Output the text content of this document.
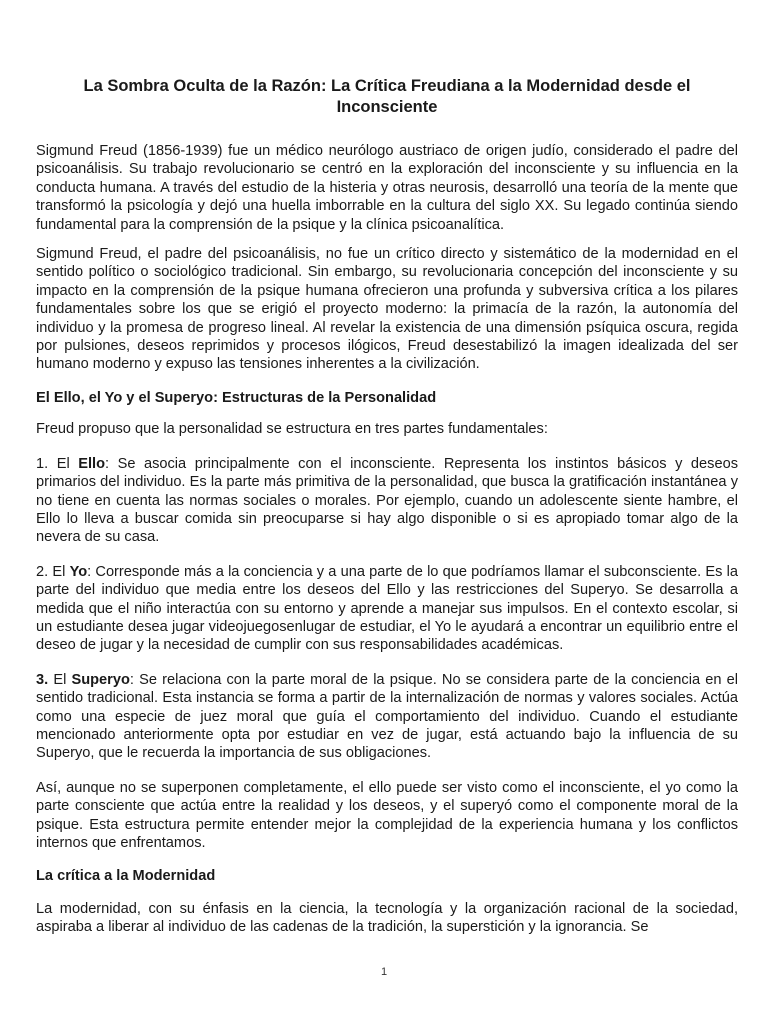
La Sombra Oculta de la Razón: La Crítica Freudiana a la Modernidad desde el Inconsciente

Sigmund Freud (1856-1939) fue un médico neurólogo austriaco de origen judío, considerado el padre del psicoanálisis. Su trabajo revolucionario se centró en la exploración del inconsciente y su influencia en la conducta humana. A través del estudio de la histeria y otras neurosis, desarrolló una teoría de la mente que transformó la psicología y dejó una huella imborrable en la cultura del siglo XX. Su legado continúa siendo fundamental para la comprensión de la psique y la clínica psicoanalítica.

Sigmund Freud, el padre del psicoanálisis, no fue un crítico directo y sistemático de la modernidad en el sentido político o sociológico tradicional. Sin embargo, su revolucionaria concepción del inconsciente y su impacto en la comprensión de la psique humana ofrecieron una profunda y subversiva crítica a los pilares fundamentales sobre los que se erigió el proyecto moderno: la primacía de la razón, la autonomía del individuo y la promesa de progreso lineal. Al revelar la existencia de una dimensión psíquica oscura, regida por pulsiones, deseos reprimidos y procesos ilógicos, Freud desestabilizó la imagen idealizada del ser humano moderno y expuso las tensiones inherentes a la civilización.

El Ello, el Yo y el Superyo: Estructuras de la Personalidad

Freud propuso que la personalidad se estructura en tres partes fundamentales:

1. El Ello: Se asocia principalmente con el inconsciente. Representa los instintos básicos y deseos primarios del individuo. Es la parte más primitiva de la personalidad, que busca la gratificación instantánea y no tiene en cuenta las normas sociales o morales. Por ejemplo, cuando un adolescente siente hambre, el Ello lo lleva a buscar comida sin preocuparse si hay algo disponible o si es apropiado tomar algo de la nevera de su casa.

2. El Yo: Corresponde más a la conciencia y a una parte de lo que podríamos llamar el subconsciente. Es la parte del individuo que media entre los deseos del Ello y las restricciones del Superyo. Se desarrolla a medida que el niño interactúa con su entorno y aprende a manejar sus impulsos. En el contexto escolar, si un estudiante desea jugar videojuegosenlugar de estudiar, el Yo le ayudará a encontrar un equilibrio entre el deseo de jugar y la necesidad de cumplir con sus responsabilidades académicas.

3. El Superyo: Se relaciona con la parte moral de la psique. No se considera parte de la conciencia en el sentido tradicional. Esta instancia se forma a partir de la internalización de normas y valores sociales. Actúa como una especie de juez moral que guía el comportamiento del individuo. Cuando el estudiante mencionado anteriormente opta por estudiar en vez de jugar, está actuando bajo la influencia de su Superyo, que le recuerda la importancia de sus obligaciones.

Así, aunque no se superponen completamente, el ello puede ser visto como el inconsciente, el yo como la parte consciente que actúa entre la realidad y los deseos, y el superyó como el componente moral de la psique. Esta estructura permite entender mejor la complejidad de la experiencia humana y los conflictos internos que enfrentamos.

La crítica a la Modernidad

La modernidad, con su énfasis en la ciencia, la tecnología y la organización racional de la sociedad, aspiraba a liberar al individuo de las cadenas de la tradición, la superstición y la ignorancia. Se

1
